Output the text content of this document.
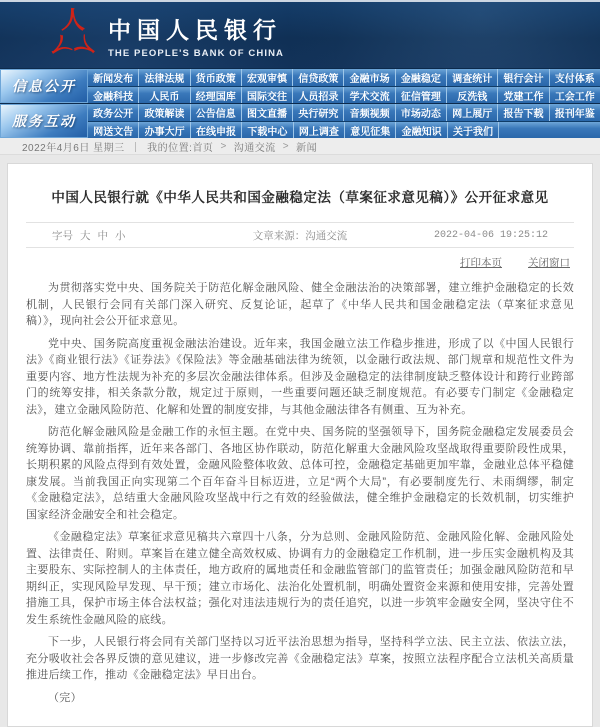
人
人
人
中国人民银行
THE PEOPLE'S BANK OF CHINA
信息公开	新闻发布	法律法规	货币政策	宏观审慎	信贷政策	金融市场	金融稳定	调查统计	银行会计	支付体系
金融科技	人民币	经理国库	国际交往	人员招录	学术交流	征信管理	反洗钱	党建工作	工会工作
服务互动	政务公开	政策解读	公告信息	图文直播	央行研究	音频视频	市场动态	网上展厅	报告下载	报刊年鉴
网送文告	办事大厅	在线申报	下载中心	网上调查	意见征集	金融知识	关于我们
2022年4月6日 星期三 ｜ 我的位置: 首页 > 沟通交流 > 新闻
中国人民银行就《中华人民共和国金融稳定法（草案征求意见稿）》公开征求意见
字号 大 中 小	文章来源：沟通交流	2022-04-06 19:25:12
打印本页 关闭窗口

为贯彻落实党中央、国务院关于防范化解金融风险、健全金融法治的决策部署，建立维护金融稳定的长效机制，人民银行会同有关部门深入研究、反复论证，起草了《中华人民共和国金融稳定法（草案征求意见稿）》，现向社会公开征求意见。

党中央、国务院高度重视金融法治建设。近年来，我国金融立法工作稳步推进，形成了以《中国人民银行法》《商业银行法》《证券法》《保险法》等金融基础法律为统领，以金融行政法规、部门规章和规范性文件为重要内容、地方性法规为补充的多层次金融法律体系。但涉及金融稳定的法律制度缺乏整体设计和跨行业跨部门的统筹安排，相关条款分散，规定过于原则，一些重要问题还缺乏制度规范。有必要专门制定《金融稳定法》，建立金融风险防范、化解和处置的制度安排，与其他金融法律各有侧重、互为补充。

防范化解金融风险是金融工作的永恒主题。在党中央、国务院的坚强领导下，国务院金融稳定发展委员会统筹协调、靠前指挥，近年来各部门、各地区协作联动，防范化解重大金融风险攻坚战取得重要阶段性成果，长期积累的风险点得到有效处置，金融风险整体收敛、总体可控，金融稳定基础更加牢靠，金融业总体平稳健康发展。当前我国正向实现第二个百年奋斗目标迈进，立足“两个大局”，有必要制度先行、未雨绸缪，制定《金融稳定法》，总结重大金融风险攻坚战中行之有效的经验做法，健全维护金融稳定的长效机制，切实维护国家经济金融安全和社会稳定。

《金融稳定法》草案征求意见稿共六章四十八条，分为总则、金融风险防范、金融风险化解、金融风险处置、法律责任、附则。草案旨在建立健全高效权威、协调有力的金融稳定工作机制，进一步压实金融机构及其主要股东、实际控制人的主体责任，地方政府的属地责任和金融监管部门的监管责任；加强金融风险防范和早期纠正，实现风险早发现、早干预；建立市场化、法治化处置机制，明确处置资金来源和使用安排，完善处置措施工具，保护市场主体合法权益；强化对违法违规行为的责任追究，以进一步筑牢金融安全网，坚决守住不发生系统性金融风险的底线。

下一步，人民银行将会同有关部门坚持以习近平法治思想为指导，坚持科学立法、民主立法、依法立法，充分吸收社会各界反馈的意见建议，进一步修改完善《金融稳定法》草案，按照立法程序配合立法机关高质量推进后续工作，推动《金融稳定法》早日出台。

（完）
